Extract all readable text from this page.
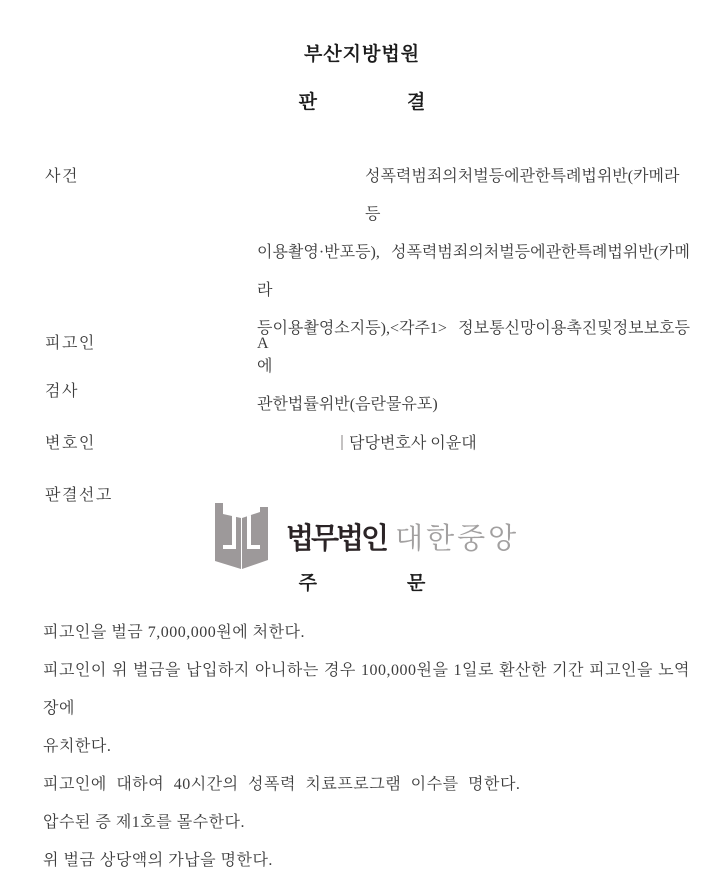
부산지방법원
판	결
사건	성폭력범죄의처벌등에관한특례법위반(카메라등
이용촬영·반포등), 성폭력범죄의처벌등에관한특례법위반(카메라
등이용촬영소지등),<각주1> 정보통신망이용촉진및정보보호등에
관한법률위반(음란물유포)
피고인	A
검사
변호인	담당변호사 이윤대
판결선고
법무법인 대한중앙
주	문
피고인을 벌금 7,000,000원에 처한다.
피고인이 위 벌금을 납입하지 아니하는 경우 100,000원을 1일로 환산한 기간 피고인을 노역장에
유치한다.
피고인에 대하여 40시간의 성폭력 치료프로그램 이수를 명한다.
압수된 증 제1호를 몰수한다.
위 벌금 상당액의 가납을 명한다.
